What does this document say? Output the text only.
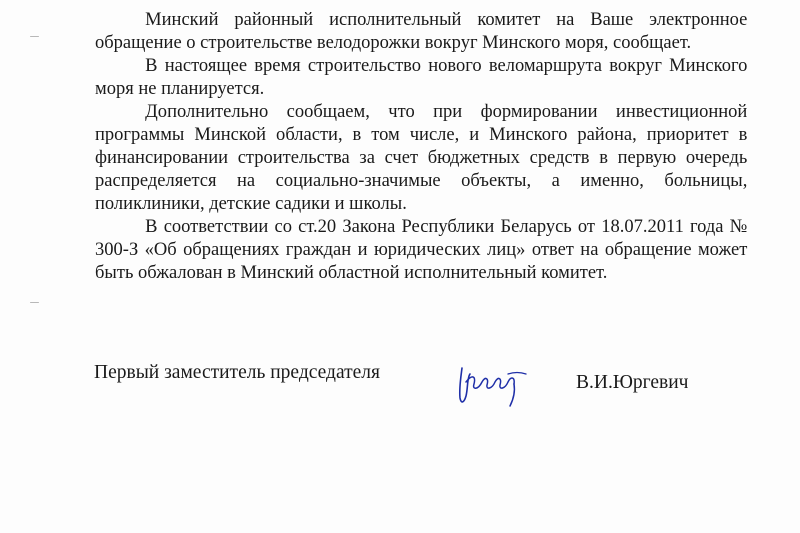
Минский районный исполнительный комитет на Ваше электронное обращение о строительстве велодорожки вокруг Минского моря, сообщает.

В настоящее время строительство нового веломаршрута вокруг Минского моря не планируется.

Дополнительно сообщаем, что при формировании инвестиционной программы Минской области, в том числе, и Минского района, приоритет в финансировании строительства за счет бюджетных средств в первую очередь распределяется на социально-значимые объекты, а именно, больницы, поликлиники, детские садики и школы.

В соответствии со ст.20 Закона Республики Беларусь от 18.07.2011 года № 300-З «Об обращениях граждан и юридических лиц» ответ на обращение может быть обжалован в Минский областной исполнительный комитет.

Первый заместитель председателя	В.И.Юргевич
